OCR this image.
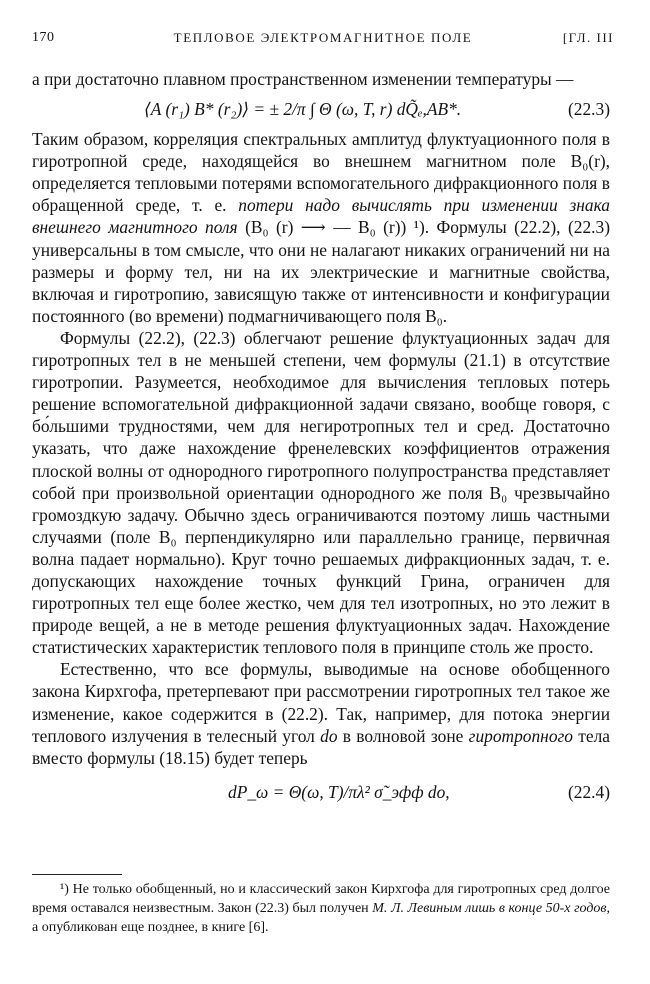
170	ТЕПЛОВОЕ ЭЛЕКТРОМАГНИТНОЕ ПОЛЕ	[ГЛ. III

а при достаточно плавном пространственном изменении температуры —

⟨A (r₁) B* (r₂)⟩ = ± 2/π ∫ Θ (ω, T, r) dQ̃ₑ,AB*.	(22.3)

Таким образом, корреляция спектральных амплитуд флуктуационного поля в гиротропной среде, находящейся во внешнем магнитном поле B₀(r), определяется тепловыми потерями вспомогательного дифракционного поля в обращенной среде, т. е. потери надо вычислять при изменении знака внешнего магнитного поля (B₀ (r) ⟶ — B₀ (r)) ¹). Формулы (22.2), (22.3) универсальны в том смысле, что они не налагают никаких ограничений ни на размеры и форму тел, ни на их электрические и магнитные свойства, включая и гиротропию, зависящую также от интенсивности и конфигурации постоянного (во времени) подмагничивающего поля B₀.

Формулы (22.2), (22.3) облегчают решение флуктуационных задач для гиротропных тел в не меньшей степени, чем формулы (21.1) в отсутствие гиротропии. Разумеется, необходимое для вычисления тепловых потерь решение вспомогательной дифракционной задачи связано, вообще говоря, с бо́льшими трудностями, чем для негиротропных тел и сред. Достаточно указать, что даже нахождение френелевских коэффициентов отражения плоской волны от однородного гиротропного полупространства представляет собой при произвольной ориентации однородного же поля B₀ чрезвычайно громоздкую задачу. Обычно здесь ограничиваются поэтому лишь частными случаями (поле B₀ перпендикулярно или параллельно границе, первичная волна падает нормально). Круг точно решаемых дифракционных задач, т. е. допускающих нахождение точных функций Грина, ограничен для гиротропных тел еще более жестко, чем для тел изотропных, но это лежит в природе вещей, а не в методе решения флуктуационных задач. Нахождение статистических характеристик теплового поля в принципе столь же просто.

Естественно, что все формулы, выводимые на основе обобщенного закона Кирхгофа, претерпевают при рассмотрении гиротропных тел такое же изменение, какое содержится в (22.2). Так, например, для потока энергии теплового излучения в телесный угол do в волновой зоне гиротропного тела вместо формулы (18.15) будет теперь

dP_ω = Θ(ω, T)/πλ² σ̃_эфф do,	(22.4)

¹) Не только обобщенный, но и классический закон Кирхгофа для гиротропных сред долгое время оставался неизвестным. Закон (22.3) был получен М. Л. Левиным лишь в конце 50-х годов, а опубликован еще позднее, в книге [6].
